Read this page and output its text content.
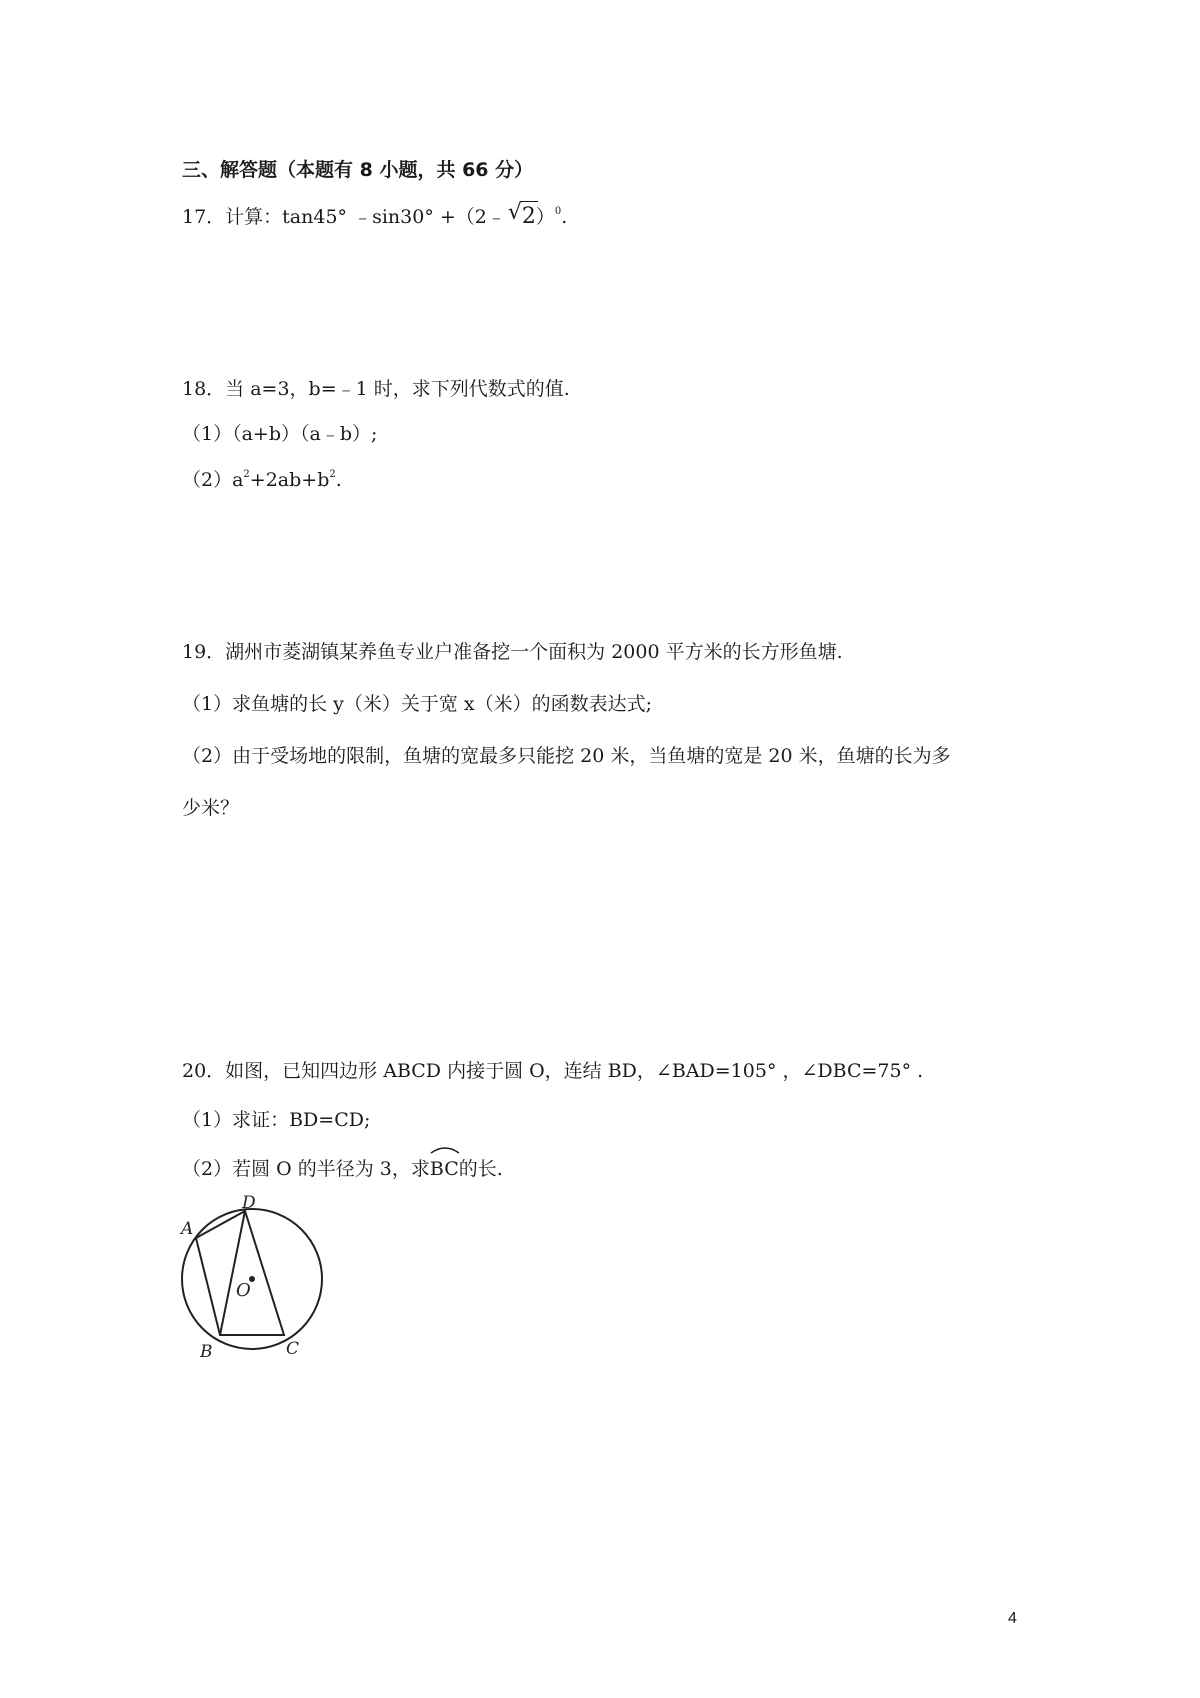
三、解答题（本题有 8 小题，共 66 分）
17．计算：tan45° ﹣sin30° +（2﹣ √ 2）$^0$.
18．当 a=3，b=﹣1 时，求下列代数式的值.
（1）（a+b）（a﹣b）;
$(2)a^2+2ab+b^2$.
19．湖州市菱湖镇某养鱼专业户准备挖一个面积为 2000 平方米的长方形鱼塘.
（1）求鱼塘的长 y（米）关于宽 x（米）的函数表达式;
（2）由于受场地的限制，鱼塘的宽最多只能挖 20 米，当鱼塘的宽是 20 米，鱼塘的长为多
少米？
20．如图，已知四边形 ABCD 内接于圆 O，连结 BD，∠BAD=105° ，∠DBC=75° .
（1）求证：BD=CD;
（2）若圆 O 的半径为 3，求
BC的长.
A
D
O
B	C
4
